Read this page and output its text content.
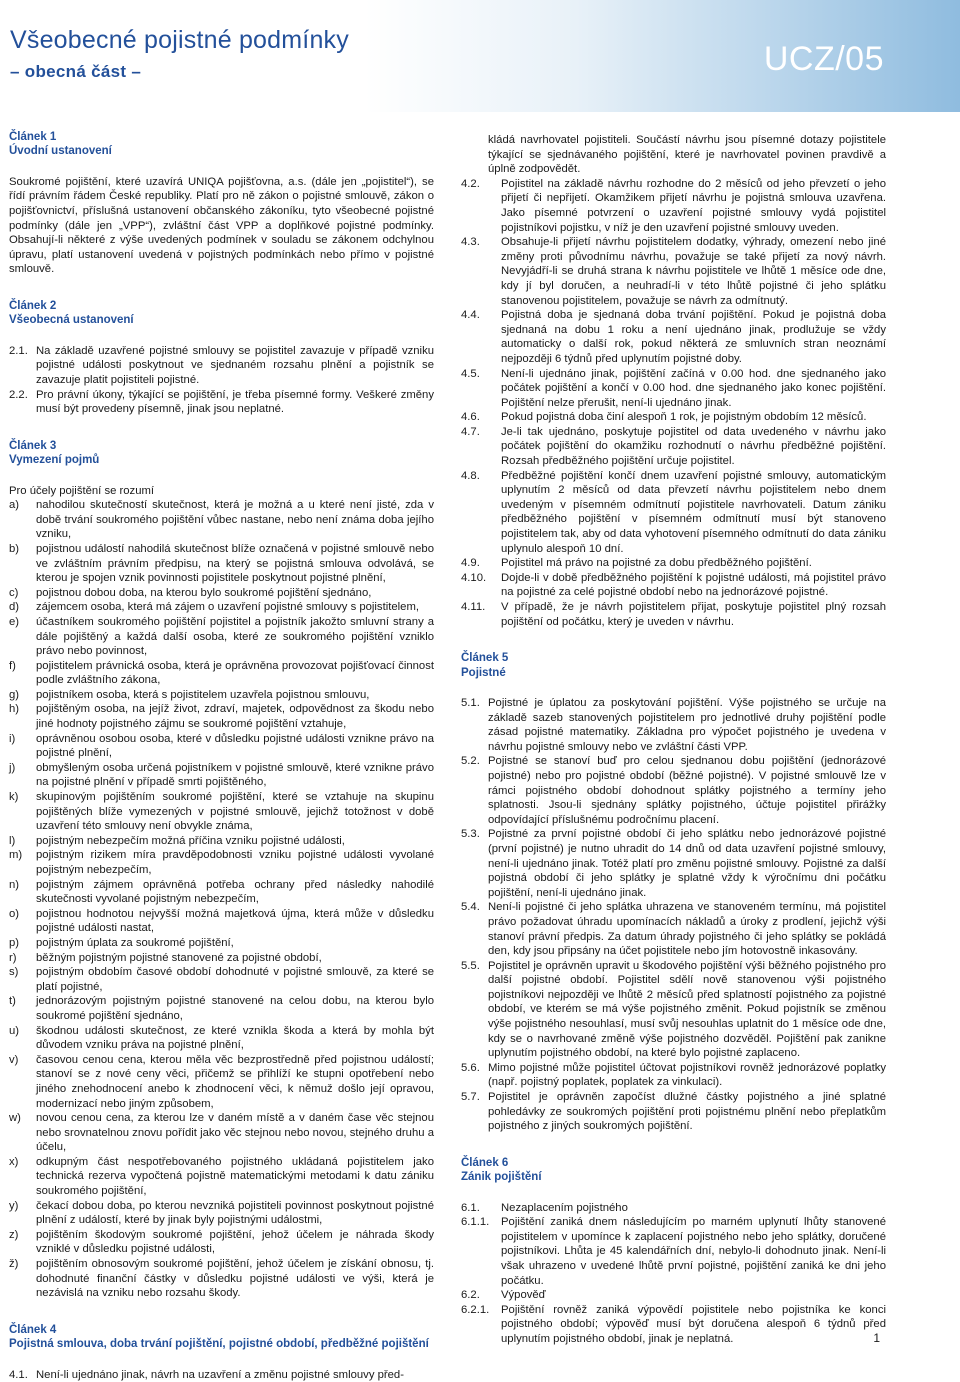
Všeobecné pojistné podmínky
– obecná část –	UCZ/05
Článek 1
Úvodní ustanovení

Soukromé pojištění, které uzavírá UNIQA pojišťovna, a.s. (dále jen „pojistitel“), se řídí právním řádem České republiky. Platí pro ně zákon o pojistné smlouvě, zákon o pojišťovnictví, příslušná ustanovení občanského zákoníku, tyto všeobecné pojistné podmínky (dále jen „VPP“), zvláštní část VPP a doplňkové pojistné podmínky. Obsahují-li některé z výše uvedených podmínek v souladu se zákonem odchylnou úpravu, platí ustanovení uvedená v pojistných podmínkách nebo přímo v pojistné smlouvě.

Článek 2
Všeobecná ustanovení
2.1. Na základě uzavřené pojistné smlouvy se pojistitel zavazuje v případě vzniku pojistné události poskytnout ve sjednaném rozsahu plnění a pojistník se zavazuje platit pojistiteli pojistné.
2.2. Pro právní úkony, týkající se pojištění, je třeba písemné formy. Veškeré změny musí být provedeny písemně, jinak jsou neplatné.
Článek 3
Vymezení pojmů

Pro účely pojištění se rozumí

a)	nahodilou skutečností skutečnost, která je možná a u které není jisté, zda v době trvání soukromého pojištění vůbec nastane, nebo není známa doba jejího vzniku,
b)	pojistnou událostí nahodilá skutečnost blíže označená v pojistné smlouvě nebo ve zvláštním právním předpisu, na který se pojistná smlouva odvolává, se kterou je spojen vznik povinnosti pojistitele poskytnout pojistné plnění,
c)	pojistnou dobou doba, na kterou bylo soukromé pojištění sjednáno,
d)	zájemcem osoba, která má zájem o uzavření pojistné smlouvy s pojistitelem,
e)	účastníkem soukromého pojištění pojistitel a pojistník jakožto smluvní strany a dále pojištěný a každá další osoba, které ze soukromého pojištění vzniklo právo nebo povinnost,
f)	pojistitelem právnická osoba, která je oprávněna provozovat pojišťovací činnost podle zvláštního zákona,
g)	pojistníkem osoba, která s pojistitelem uzavřela pojistnou smlouvu,
h)	pojištěným osoba, na jejíž život, zdraví, majetek, odpovědnost za škodu nebo jiné hodnoty pojistného zájmu se soukromé pojištění vztahuje,
i)	oprávněnou osobou osoba, které v důsledku pojistné události vznikne právo na pojistné plnění,
j)	obmyšleným osoba určená pojistníkem v pojistné smlouvě, které vznikne právo na pojistné plnění v případě smrti pojištěného,
k)	skupinovým pojištěním soukromé pojištění, které se vztahuje na skupinu pojištěných blíže vymezených v pojistné smlouvě, jejichž totožnost v době uzavření této smlouvy není obvykle známa,
l)	pojistným nebezpečím možná příčina vzniku pojistné události,
m)	pojistným rizikem míra pravděpodobnosti vzniku pojistné události vyvolané pojistným nebezpečím,
n)	pojistným zájmem oprávněná potřeba ochrany před následky nahodilé skutečnosti vyvolané pojistným nebezpečím,
o)	pojistnou hodnotou nejvyšší možná majetková újma, která může v důsledku pojistné události nastat,
p)	pojistným úplata za soukromé pojištění,
r)	běžným pojistným pojistné stanovené za pojistné období,
s)	pojistným obdobím časové období dohodnuté v pojistné smlouvě, za které se platí pojistné,
t)	jednorázovým pojistným pojistné stanovené na celou dobu, na kterou bylo soukromé pojištění sjednáno,
u)	škodnou události skutečnost, ze které vznikla škoda a která by mohla být důvodem vzniku práva na pojistné plnění,
v)	časovou cenou cena, kterou měla věc bezprostředně před pojistnou událostí; stanoví se z nové ceny věci, přičemž se přihlíží ke stupni opotřebení nebo jiného znehodnocení anebo k zhodnocení věci, k němuž došlo její opravou, modernizací nebo jiným způsobem,
w)	novou cenou cena, za kterou lze v daném místě a v daném čase věc stejnou nebo srovnatelnou znovu pořídit jako věc stejnou nebo novou, stejného druhu a účelu,
x)	odkupným část nespotřebovaného pojistného ukládaná pojistitelem jako technická rezerva vypočtená pojistně matematickými metodami k datu zániku soukromého pojištění,
y)	čekací dobou doba, po kterou nevzniká pojistiteli povinnost poskytnout pojistné plnění z událostí, které by jinak byly pojistnými událostmi,
z)	pojištěním škodovým soukromé pojištění, jehož účelem je náhrada škody vzniklé v důsledku pojistné události,
ž)	pojištěním obnosovým soukromé pojištění, jehož účelem je získání obnosu, tj. dohodnuté finanční částky v důsledku pojistné události ve výši, která je nezávislá na vzniku nebo rozsahu škody.
Článek 4
Pojistná smlouva, doba trvání pojištění, pojistné období, předběžné pojištění
4.1. Není-li ujednáno jinak, návrh na uzavření a změnu pojistné smlouvy před-
kládá navrhovatel pojistiteli. Součástí návrhu jsou písemné dotazy pojistitele týkající se sjednávaného pojištění, které je navrhovatel povinen pravdivě a úplně zodpovědět.
4.2.	Pojistitel na základě návrhu rozhodne do 2 měsíců od jeho převzetí o jeho přijetí či nepřijetí. Okamžikem přijetí návrhu je pojistná smlouva uzavřena. Jako písemné potvrzení o uzavření pojistné smlouvy vydá pojistitel pojistníkovi pojistku, v níž je den uzavření pojistné smlouvy uveden.
4.3.	Obsahuje-li přijetí návrhu pojistitelem dodatky, výhrady, omezení nebo jiné změny proti původnímu návrhu, považuje se také přijetí za nový návrh. Nevyjádří-li se druhá strana k návrhu pojistitele ve lhůtě 1 měsíce ode dne, kdy jí byl doručen, a neuhradí-li v této lhůtě pojistné či jeho splátku stanovenou pojistitelem, považuje se návrh za odmítnutý.
4.4.	Pojistná doba je sjednaná doba trvání pojištění. Pokud je pojistná doba sjednaná na dobu 1 roku a není ujednáno jinak, prodlužuje se vždy automaticky o další rok, pokud některá ze smluvních stran neoznámí nejpozději 6 týdnů před uplynutím pojistné doby.
4.5.	Není-li ujednáno jinak, pojištění začíná v 0.00 hod. dne sjednaného jako počátek pojištění a končí v 0.00 hod. dne sjednaného jako konec pojištění. Pojištění nelze přerušit, není-li ujednáno jinak.
4.6.	Pokud pojistná doba činí alespoň 1 rok, je pojistným obdobím 12 měsíců.
4.7.	Je-li tak ujednáno, poskytuje pojistitel od data uvedeného v návrhu jako počátek pojištění do okamžiku rozhodnutí o návrhu předběžné pojištění. Rozsah předběžného pojištění určuje pojistitel.
4.8.	Předběžné pojištění končí dnem uzavření pojistné smlouvy, automatickým uplynutím 2 měsíců od data převzetí návrhu pojistitelem nebo dnem uvedeným v písemném odmítnutí pojistitele navrhovateli. Datum zániku předběžného pojištění v písemném odmítnutí musí být stanoveno pojistitelem tak, aby od data vyhotovení písemného odmítnutí do data zániku uplynulo alespoň 10 dní.
4.9.	Pojistitel má právo na pojistné za dobu předběžného pojištění.
4.10.	Dojde-li v době předběžného pojištění k pojistné události, má pojistitel právo na pojistné za celé pojistné období nebo na jednorázové pojistné.
4.11.	V případě, že je návrh pojistitelem přijat, poskytuje pojistitel plný rozsah pojištění od počátku, který je uveden v návrhu.
Článek 5
Pojistné
5.1. Pojistné je úplatou za poskytování pojištění. Výše pojistného se určuje na základě sazeb stanovených pojistitelem pro jednotlivé druhy pojištění podle zásad pojistné matematiky. Základna pro výpočet pojistného je uvedena v návrhu pojistné smlouvy nebo ve zvláštní části VPP.
5.2. Pojistné se stanoví buď pro celou sjednanou dobu pojištění (jednorázové pojistné) nebo pro pojistné období (běžné pojistné). V pojistné smlouvě lze v rámci pojistného období dohodnout splátky pojistného a termíny jeho splatnosti. Jsou-li sjednány splátky pojistného, účtuje pojistitel přirážky odpovídající příslušnému področnímu placení.
5.3. Pojistné za první pojistné období či jeho splátku nebo jednorázové pojistné (první pojistné) je nutno uhradit do 14 dnů od data uzavření pojistné smlouvy, není-li ujednáno jinak. Totéž platí pro změnu pojistné smlouvy. Pojistné za další pojistná období či jeho splátky je splatné vždy k výročnímu dni počátku pojištění, není-li ujednáno jinak.
5.4. Není-li pojistné či jeho splátka uhrazena ve stanoveném termínu, má pojistitel právo požadovat úhradu upomínacích nákladů a úroky z prodlení, jejichž výši stanoví právní předpis. Za datum úhrady pojistného či jeho splátky se pokládá den, kdy jsou připsány na účet pojistitele nebo jím hotovostně inkasovány.
5.5. Pojistitel je oprávněn upravit u škodového pojištění výši běžného pojistného pro další pojistné období. Pojistitel sdělí nově stanovenou výši pojistného pojistníkovi nejpozději ve lhůtě 2 měsíců před splatností pojistného za pojistné období, ve kterém se má výše pojistného změnit. Pokud pojistník se změnou výše pojistného nesouhlasí, musí svůj nesouhlas uplatnit do 1 měsíce ode dne, kdy se o navrhované změně výše pojistného dozvěděl. Pojištění pak zanikne uplynutím pojistného období, na které bylo pojistné zaplaceno.
5.6. Mimo pojistné může pojistitel účtovat pojistníkovi rovněž jednorázové poplatky (např. pojistný poplatek, poplatek za vinkulaci).
5.7. Pojistitel je oprávněn započíst dlužné částky pojistného a jiné splatné pohledávky ze soukromých pojištění proti pojistnému plnění nebo přeplatkům pojistného z jiných soukromých pojištění.
Článek 6
Zánik pojištění
6.1.	Nezaplacením pojistného
6.1.1.	Pojištění zaniká dnem následujícím po marném uplynutí lhůty stanovené pojistitelem v upomínce k zaplacení pojistného nebo jeho splátky, doručené pojistníkovi. Lhůta je 45 kalendářních dní, nebylo-li dohodnuto jinak. Není-li však uhrazeno v uvedené lhůtě první pojistné, pojištění zaniká ke dni jeho počátku.
6.2.	Výpověď
6.2.1.	Pojištění rovněž zaniká výpovědí pojistitele nebo pojistníka ke konci pojistného období; výpověď musí být doručena alespoň 6 týdnů před uplynutím pojistného období, jinak je neplatná.	1
